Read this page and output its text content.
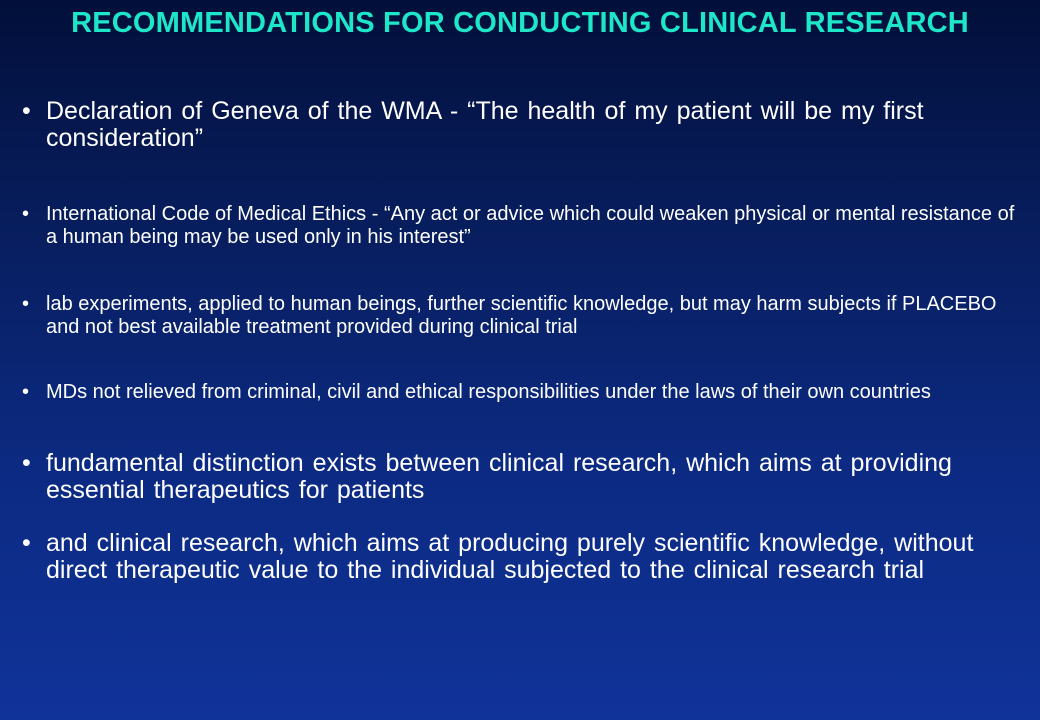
RECOMMENDATIONS FOR CONDUCTING CLINICAL RESEARCH
• Declaration of Geneva of the WMA - “The health of my patient will be my first consideration”
• International Code of Medical Ethics - “Any act or advice which could weaken physical or mental resistance of a human being may be used only in his interest”
• lab experiments, applied to human beings, further scientific knowledge, but may harm subjects if PLACEBO and not best available treatment provided during clinical trial
• MDs not relieved from criminal, civil and ethical responsibilities under the laws of their own countries
• fundamental distinction exists between clinical research, which aims at providing essential therapeutics for patients
• and clinical research, which aims at producing purely scientific knowledge, without direct therapeutic value to the individual subjected to the clinical research trial
